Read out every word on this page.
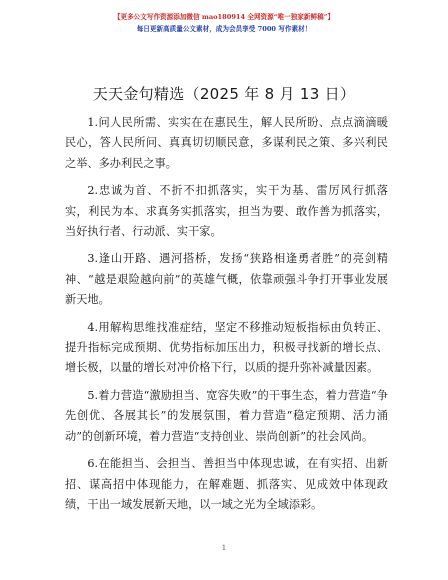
【更多公文写作资源添加微信 mao180914 全网资源“唯一独家新鲜稿”】
每日更新高质量公文素材，成为会员享受 7000 写作素材！
天天金句精选（2025 年 8 月 13 日）

1.问人民所需、实实在在惠民生，解人民所盼、点点滴滴暖民心，答人民所问、真真切切顺民意，多谋利民之策、多兴利民之举、多办利民之事。

2.忠诚为首、不折不扣抓落实，实干为基、雷厉风行抓落实，利民为本、求真务实抓落实，担当为要、敢作善为抓落实，当好执行者、行动派、实干家。

3.逢山开路、遇河搭桥，发扬“狭路相逢勇者胜”的亮剑精神、“越是艰险越向前”的英雄气概，依靠顽强斗争打开事业发展新天地。

4.用解构思维找准症结，坚定不移推动短板指标由负转正、提升指标完成预期、优势指标加压出力，积极寻找新的增长点、增长极，以量的增长对冲价格下行，以质的提升弥补减量因素。

5.着力营造“激励担当、宽容失败”的干事生态，着力营造“争先创优、各展其长”的发展氛围，着力营造“稳定预期、活力涌动”的创新环境，着力营造“支持创业、崇尚创新”的社会风尚。

6.在能担当、会担当、善担当中体现忠诚，在有实招、出新招、谋高招中体现能力，在解难题、抓落实、见成效中体现政绩，干出一域发展新天地，以一域之光为全域添彩。

1
